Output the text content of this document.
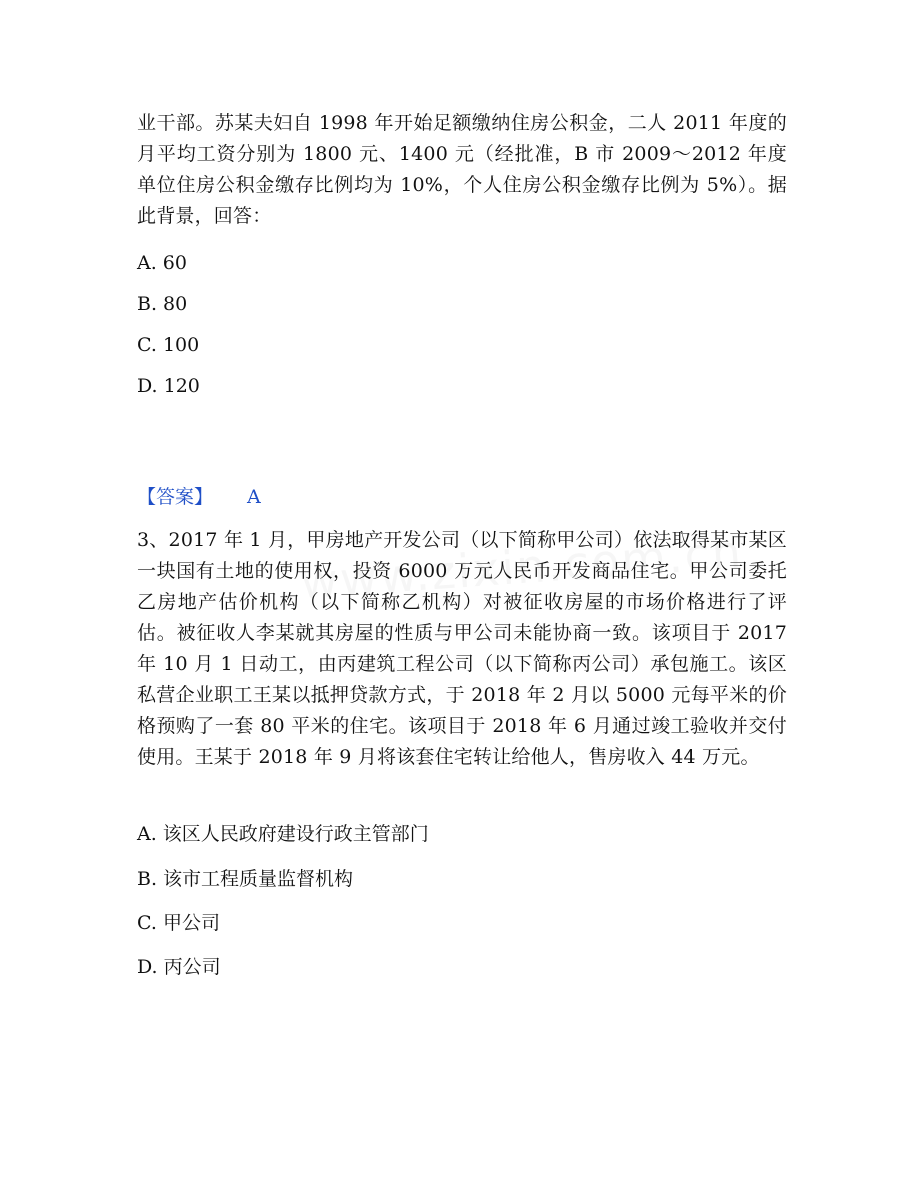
业干部。苏某夫妇自 1998 年开始足额缴纳住房公积金，二人 2011 年度的月平均工资分别为 1800 元、1400 元（经批准，B 市 2009～2012 年度单位住房公积金缴存比例均为 10%，个人住房公积金缴存比例为 5%）。据此背景，回答：

A. 60

B. 80

C. 100

D. 120

【答案】 A

3、2017 年 1 月，甲房地产开发公司（以下简称甲公司）依法取得某市某区一块国有土地的使用权，投资 6000 万元人民币开发商品住宅。甲公司委托乙房地产估价机构（以下简称乙机构）对被征收房屋的市场价格进行了评估。被征收人李某就其房屋的性质与甲公司未能协商一致。该项目于 2017 年 10 月 1 日动工，由丙建筑工程公司（以下简称丙公司）承包施工。该区私营企业职工王某以抵押贷款方式，于 2018 年 2 月以 5000 元每平米的价格预购了一套 80 平米的住宅。该项目于 2018 年 6 月通过竣工验收并交付使用。王某于 2018 年 9 月将该套住宅转让给他人，售房收入 44 万元。

A. 该区人民政府建设行政主管部门

B. 该市工程质量监督机构

C. 甲公司

D. 丙公司
